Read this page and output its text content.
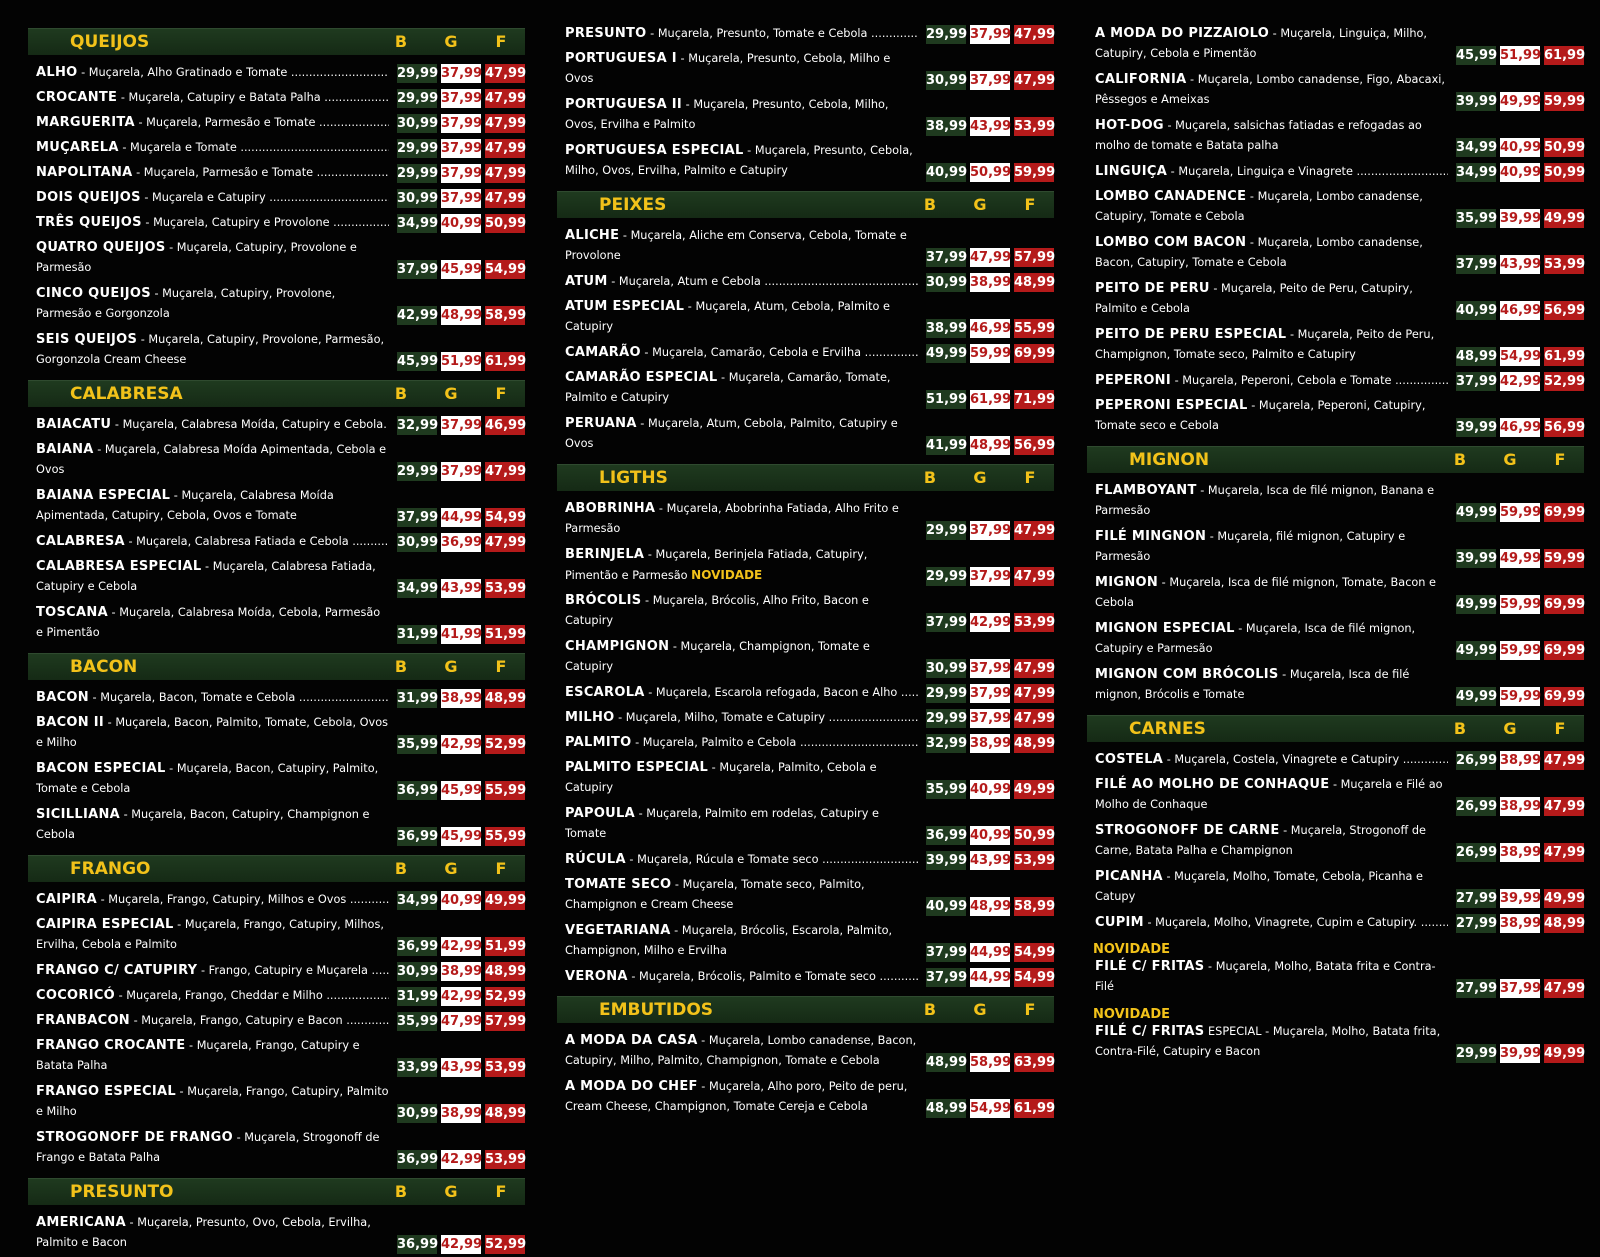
QUEIJOS	B	G	F
ALHO - Muçarela, Alho Gratinado e Tomate .....	29,99 37,99 47,99
CROCANTE - Muçarela, Catupiry e Batata Palha .....	29,99 37,99 47,99
MARGUERITA - Muçarela, Parmesão e Tomate .....	30,99 37,99 47,99
MUÇARELA - Muçarela e Tomate .....	29,99 37,99 47,99
NAPOLITANA - Muçarela, Parmesão e Tomate .....	29,99 37,99 47,99
DOIS QUEIJOS - Muçarela e Catupiry .....	30,99 37,99 47,99
TRÊS QUEIJOS - Muçarela, Catupiry e Provolone .....	34,99 40,99 50,99
QUATRO QUEIJOS - Muçarela, Catupiry, Provolone e Parmesão .....	37,99 45,99 54,99
CINCO QUEIJOS - Muçarela, Catupiry, Provolone, Parmesão e Gorgonzola .....	42,99 48,99 58,99
SEIS QUEIJOS - Muçarela, Catupiry, Provolone, Parmesão, Gorgonzola Cream Cheese .....	45,99 51,99 61,99
CALABRESA	B	G	F
BAIACATU - Muçarela, Calabresa Moída, Catupiry e Cebola. ..... 32,99 37,99 46,99
BAIANA - Muçarela, Calabresa Moída Apimentada, Cebola e Ovos .....	29,99 37,99 47,99
BAIANA ESPECIAL - Muçarela, Calabresa Moída Apimentada, Catupiry, Cebola, Ovos e Tomate .....	37,99 44,99 54,99
CALABRESA - Muçarela, Calabresa Fatiada e Cebola .....	30,99 36,99 47,99
CALABRESA ESPECIAL - Muçarela, Calabresa Fatiada, Catupiry e Cebola .....	34,99 43,99 53,99
TOSCANA - Muçarela, Calabresa Moída, Cebola, Parmesão e Pimentão .....	31,99 41,99 51,99
BACON	B	G	F
BACON - Muçarela, Bacon, Tomate e Cebola .....	31,99 38,99 48,99
BACON II - Muçarela, Bacon, Palmito, Tomate, Cebola, Ovos e Milho .....	35,99 42,99 52,99
BACON ESPECIAL - Muçarela, Bacon, Catupiry, Palmito, Tomate e Cebola .....	36,99 45,99 55,99
SICILLIANA - Muçarela, Bacon, Catupiry, Champignon e Cebola .....	36,99 45,99 55,99
FRANGO	B	G	F
CAIPIRA - Muçarela, Frango, Catupiry, Milhos e Ovos .....	34,99 40,99 49,99
CAIPIRA ESPECIAL - Muçarela, Frango, Catupiry, Milhos, Ervilha, Cebola e Palmito .....	36,99 42,99 51,99
FRANGO C/ CATUPIRY - Frango, Catupiry e Muçarela .....	30,99 38,99 48,99
COCORICÓ - Muçarela, Frango, Cheddar e Milho .....	31,99 42,99 52,99
FRANBACON - Muçarela, Frango, Catupiry e Bacon .....	35,99 47,99 57,99
FRANGO CROCANTE - Muçarela, Frango, Catupiry e Batata Palha .....	33,99 43,99 53,99
FRANGO ESPECIAL - Muçarela, Frango, Catupiry, Palmito e Milho .....	30,99 38,99 48,99
STROGONOFF DE FRANGO - Muçarela, Strogonoff de Frango e Batata Palha .....	36,99 42,99 53,99
PRESUNTO	B	G	F
AMERICANA - Muçarela, Presunto, Ovo, Cebola, Ervilha, Palmito e Bacon .....	36,99 42,99 52,99
PRESUNTO - Muçarela, Presunto, Tomate e Cebola .....	29,99 37,99 47,99
PORTUGUESA I - Muçarela, Presunto, Cebola, Milho e Ovos .....	30,99 37,99 47,99
PORTUGUESA II - Muçarela, Presunto, Cebola, Milho, Ovos, Ervilha e Palmito .....	38,99 43,99 53,99
PORTUGUESA ESPECIAL - Muçarela, Presunto, Cebola, Milho, Ovos, Ervilha, Palmito e Catupiry .....	40,99 50,99 59,99
PEIXES	B	G	F
ALICHE - Muçarela, Aliche em Conserva, Cebola, Tomate e Provolone .....	37,99 47,99 57,99
ATUM - Muçarela, Atum e Cebola .....	30,99 38,99 48,99
ATUM ESPECIAL - Muçarela, Atum, Cebola, Palmito e Catupiry .....	38,99 46,99 55,99
CAMARÃO - Muçarela, Camarão, Cebola e Ervilha .....	49,99 59,99 69,99
CAMARÃO ESPECIAL - Muçarela, Camarão, Tomate, Palmito e Catupiry .....	51,99 61,99 71,99
PERUANA - Muçarela, Atum, Cebola, Palmito, Catupiry e Ovos .....	41,99 48,99 56,99
LIGTHS	B	G	F
ABOBRINHA - Muçarela, Abobrinha Fatiada, Alho Frito e Parmesão .....	29,99 37,99 47,99
BERINJELA - Muçarela, Berinjela Fatiada, Catupiry, Pimentão e Parmesão NOVIDADE .....	29,99 37,99 47,99
BRÓCOLIS - Muçarela, Brócolis, Alho Frito, Bacon e Catupiry .....	37,99 42,99 53,99
CHAMPIGNON - Muçarela, Champignon, Tomate e Catupiry .....	30,99 37,99 47,99
ESCAROLA - Muçarela, Escarola refogada, Bacon e Alho .....	29,99 37,99 47,99
MILHO - Muçarela, Milho, Tomate e Catupiry .....	29,99 37,99 47,99
PALMITO - Muçarela, Palmito e Cebola .....	32,99 38,99 48,99
PALMITO ESPECIAL - Muçarela, Palmito, Cebola e Catupiry .....	35,99 40,99 49,99
PAPOULA - Muçarela, Palmito em rodelas, Catupiry e Tomate .....	36,99 40,99 50,99
RÚCULA - Muçarela, Rúcula e Tomate seco .....	39,99 43,99 53,99
TOMATE SECO - Muçarela, Tomate seco, Palmito, Champignon e Cream Cheese .....	40,99 48,99 58,99
VEGETARIANA - Muçarela, Brócolis, Escarola, Palmito, Champignon, Milho e Ervilha .....	37,99 44,99 54,99
VERONA - Muçarela, Brócolis, Palmito e Tomate seco .....	37,99 44,99 54,99
EMBUTIDOS	B	G	F
A MODA DA CASA - Muçarela, Lombo canadense, Bacon, Catupiry, Milho, Palmito, Champignon, Tomate e Cebola .....	48,99 58,99 63,99
A MODA DO CHEF - Muçarela, Alho poro, Peito de peru, Cream Cheese, Champignon, Tomate Cereja e Cebola .....	48,99 54,99 61,99
A MODA DO PIZZAIOLO - Muçarela, Linguiça, Milho, Catupiry, Cebola e Pimentão .....	45,99 51,99 61,99
CALIFORNIA - Muçarela, Lombo canadense, Figo, Abacaxi, Pêssegos e Ameixas .....	39,99 49,99 59,99
HOT-DOG - Muçarela, salsichas fatiadas e refogadas ao molho de tomate e Batata palha .....	34,99 40,99 50,99
LINGUIÇA - Muçarela, Linguiça e Vinagrete .....	34,99 40,99 50,99
LOMBO CANADENCE - Muçarela, Lombo canadense, Catupiry, Tomate e Cebola .....	35,99 39,99 49,99
LOMBO COM BACON - Muçarela, Lombo canadense, Bacon, Catupiry, Tomate e Cebola .....	37,99 43,99 53,99
PEITO DE PERU - Muçarela, Peito de Peru, Catupiry, Palmito e Cebola .....	40,99 46,99 56,99
PEITO DE PERU ESPECIAL - Muçarela, Peito de Peru, Champignon, Tomate seco, Palmito e Catupiry .....	48,99 54,99 61,99
PEPERONI - Muçarela, Peperoni, Cebola e Tomate .....	37,99 42,99 52,99
PEPERONI ESPECIAL - Muçarela, Peperoni, Catupiry, Tomate seco e Cebola .....	39,99 46,99 56,99
MIGNON	B	G	F
FLAMBOYANT - Muçarela, Isca de filé mignon, Banana e Parmesão .....	49,99 59,99 69,99
FILÉ MINGNON - Muçarela, filé mignon, Catupiry e Parmesão .....	39,99 49,99 59,99
MIGNON - Muçarela, Isca de filé mignon, Tomate, Bacon e Cebola .....	49,99 59,99 69,99
MIGNON ESPECIAL - Muçarela, Isca de filé mignon, Catupiry e Parmesão .....	49,99 59,99 69,99
MIGNON COM BRÓCOLIS - Muçarela, Isca de filé mignon, Brócolis e Tomate .....	49,99 59,99 69,99
CARNES	B	G	F
COSTELA - Muçarela, Costela, Vinagrete e Catupiry .....	26,99 38,99 47,99
FILÉ AO MOLHO DE CONHAQUE - Muçarela e Filé ao Molho de Conhaque .....	26,99 38,99 47,99
STROGONOFF DE CARNE - Muçarela, Strogonoff de Carne, Batata Palha e Champignon .....	26,99 38,99 47,99
PICANHA - Muçarela, Molho, Tomate, Cebola, Picanha e Catupy .....	27,99 39,99 49,99
CUPIM - Muçarela, Molho, Vinagrete, Cupim e Catupiry. .....	27,99 38,99 48,99
NOVIDADE
FILÉ C/ FRITAS - Muçarela, Molho, Batata frita e Contra-Filé .....	27,99 37,99 47,99
NOVIDADE
FILÉ C/ FRITAS ESPECIAL - Muçarela, Molho, Batata frita, Contra-Filé, Catupiry e Bacon .....	29,99 39,99 49,99
